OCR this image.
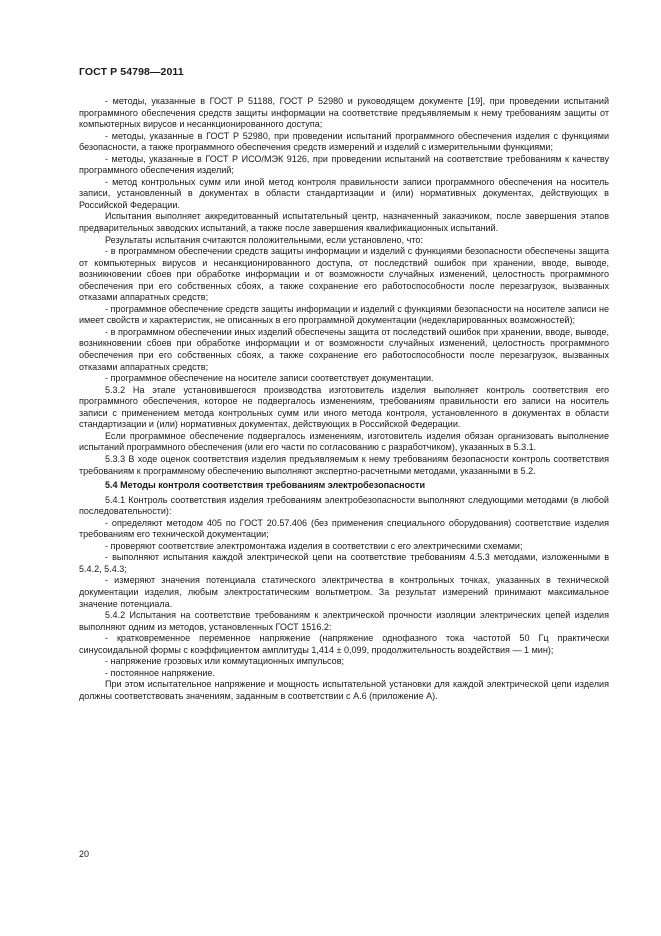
ГОСТ Р 54798—2011

- методы, указанные в ГОСТ Р 51188, ГОСТ Р 52980 и руководящем документе [19], при проведении испытаний программного обеспечения средств защиты информации на соответствие предъявляемым к нему требованиям защиты от компьютерных вирусов и несанкционированного доступа;

- методы, указанные в ГОСТ Р 52980, при проведении испытаний программного обеспечения изделия с функциями безопасности, а также программного обеспечения средств измерений и изделий с измерительными функциями;

- методы, указанные в ГОСТ Р ИСО/МЭК 9126, при проведении испытаний на соответствие требованиям к качеству программного обеспечения изделий;

- метод контрольных сумм или иной метод контроля правильности записи программного обеспечения на носитель записи, установленный в документах в области стандартизации и (или) нормативных документах, действующих в Российской Федерации.

Испытания выполняет аккредитованный испытательный центр, назначенный заказчиком, после завершения этапов предварительных заводских испытаний, а также после завершения квалификационных испытаний.

Результаты испытания считаются положительными, если установлено, что:

- в программном обеспечении средств защиты информации и изделий с функциями безопасности обеспечены защита от компьютерных вирусов и несанкционированного доступа, от последствий ошибок при хранении, вводе, выводе, возникновении сбоев при обработке информации и от возможности случайных изменений, целостность программного обеспечения при его собственных сбоях, а также сохранение его работоспособности после перезагрузок, вызванных отказами аппаратных средств;

- программное обеспечение средств защиты информации и изделий с функциями безопасности на носителе записи не имеет свойств и характеристик, не описанных в его программной документации (недекларированных возможностей);

- в программном обеспечении иных изделий обеспечены защита от последствий ошибок при хранении, вводе, выводе, возникновении сбоев при обработке информации и от возможности случайных изменений, целостность программного обеспечения при его собственных сбоях, а также сохранение его работоспособности после перезагрузок, вызванных отказами аппаратных средств;

- программное обеспечение на носителе записи соответствует документации.

5.3.2 На этапе установившегося производства изготовитель изделия выполняет контроль соответствия его программного обеспечения, которое не подвергалось изменениям, требованиям правильности его записи на носитель записи с применением метода контрольных сумм или иного метода контроля, установленного в документах в области стандартизации и (или) нормативных документах, действующих в Российской Федерации.

Если программное обеспечение подвергалось изменениям, изготовитель изделия обязан организовать выполнение испытаний программного обеспечения (или его части по согласованию с разработчиком), указанных в 5.3.1.

5.3.3 В ходе оценок соответствия изделия предъявляемым к нему требованиям безопасности контроль соответствия требованиям к программному обеспечению выполняют экспертно-расчетными методами, указанными в 5.2.

5.4 Методы контроля соответствия требованиям электробезопасности

5.4.1 Контроль соответствия изделия требованиям электробезопасности выполняют следующими методами (в любой последовательности):

- определяют методом 405 по ГОСТ 20.57.406 (без применения специального оборудования) соответствие изделия требованиям его технической документации;

- проверяют соответствие электромонтажа изделия в соответствии с его электрическими схемами;

- выполняют испытания каждой электрической цепи на соответствие требованиям 4.5.3 методами, изложенными в 5.4.2, 5.4.3;

- измеряют значения потенциала статического электричества в контрольных точках, указанных в технической документации изделия, любым электростатическим вольтметром. За результат измерений принимают максимальное значение потенциала.

5.4.2 Испытания на соответствие требованиям к электрической прочности изоляции электрических цепей изделия выполняют одним из методов, установленных ГОСТ 1516.2:

- кратковременное переменное напряжение (напряжение однофазного тока частотой 50 Гц практически синусоидальной формы с коэффициентом амплитуды 1,414 ± 0,099, продолжительность воздействия — 1 мин);

- напряжение грозовых или коммутационных импульсов;

- постоянное напряжение.

При этом испытательное напряжение и мощность испытательной установки для каждой электрической цепи изделия должны соответствовать значениям, заданным в соответствии с А.6 (приложение А).

20
